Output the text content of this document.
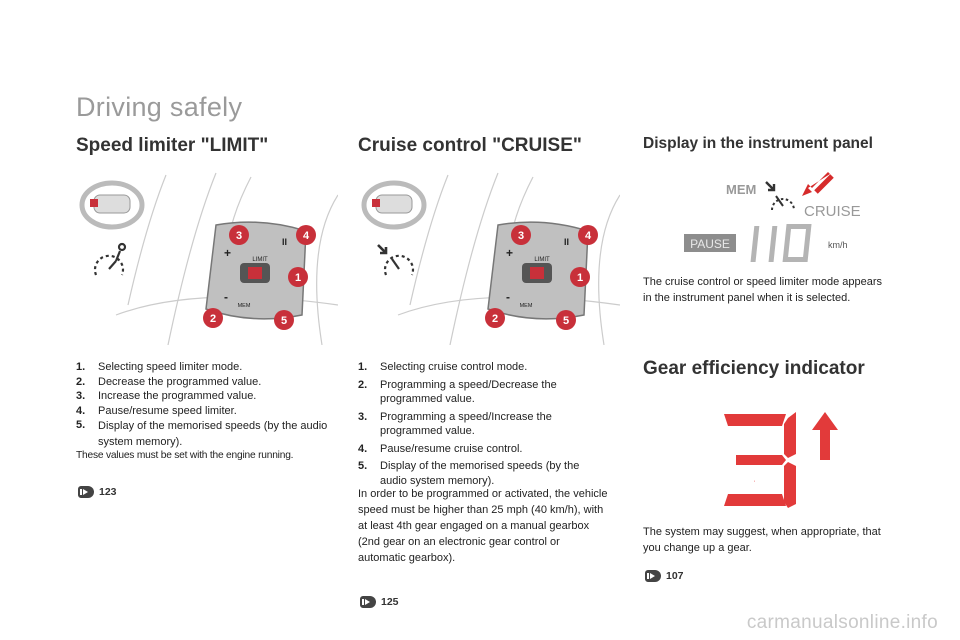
Driving safely
Speed limiter "LIMIT"	Cruise control "CRUISE"	Display in the instrument panel
LIMIT
MEM
+
-
II
3	4
1
2	5
LIMIT
MEM
+
-
II
3	4
1
2	5
MEM
CRUISE
PAUSE	km/h
1.	Selecting speed limiter mode.
2.	Decrease the programmed value.
3.	Increase the programmed value.
4.	Pause/resume speed limiter.
5.	Display of the memorised speeds (by the audio system memory).
These values must be set with the engine running.
123
1.	Selecting cruise control mode.
2.	Programming a speed/Decrease the programmed value.
3.	Programming a speed/Increase the programmed value.
4.	Pause/resume cruise control.
5.	Display of the memorised speeds (by the audio system memory).
In order to be programmed or activated, the vehicle speed must be higher than 25 mph (40 km/h), with at least 4th gear engaged on a manual gearbox (2nd gear on an electronic gear control or automatic gearbox).
125
The cruise control or speed limiter mode appears in the instrument panel when it is selected.
Gear efficiency indicator
3
The system may suggest, when appropriate, that you change up a gear.
107
carmanualsonline.info
